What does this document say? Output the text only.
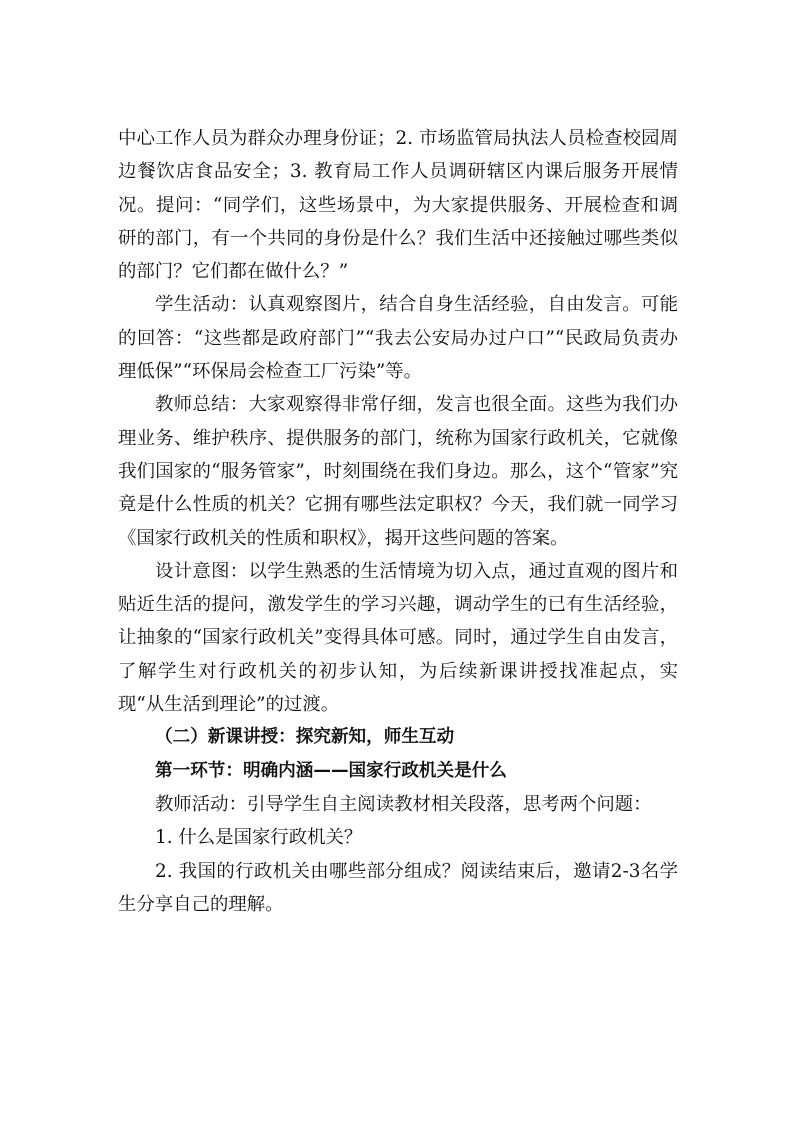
中心工作人员为群众办理身份证；2. 市场监管局执法人员检查校园周边餐饮店食品安全；3. 教育局工作人员调研辖区内课后服务开展情况。提问：“同学们，这些场景中，为大家提供服务、开展检查和调研的部门，有一个共同的身份是什么？我们生活中还接触过哪些类似的部门？它们都在做什么？”

学生活动：认真观察图片，结合自身生活经验，自由发言。可能的回答：“这些都是政府部门”“我去公安局办过户口”“民政局负责办理低保”“环保局会检查工厂污染”等。

教师总结：大家观察得非常仔细，发言也很全面。这些为我们办理业务、维护秩序、提供服务的部门，统称为国家行政机关，它就像我们国家的“服务管家”，时刻围绕在我们身边。那么，这个“管家”究竟是什么性质的机关？它拥有哪些法定职权？今天，我们就一同学习《国家行政机关的性质和职权》，揭开这些问题的答案。

设计意图：以学生熟悉的生活情境为切入点，通过直观的图片和贴近生活的提问，激发学生的学习兴趣，调动学生的已有生活经验，让抽象的“国家行政机关”变得具体可感。同时，通过学生自由发言，了解学生对行政机关的初步认知，为后续新课讲授找准起点，实现“从生活到理论”的过渡。

（二）新课讲授：探究新知，师生互动

第一环节：明确内涵——国家行政机关是什么

教师活动：引导学生自主阅读教材相关段落，思考两个问题：

1. 什么是国家行政机关？

2. 我国的行政机关由哪些部分组成？阅读结束后，邀请2-3名学生分享自己的理解。
